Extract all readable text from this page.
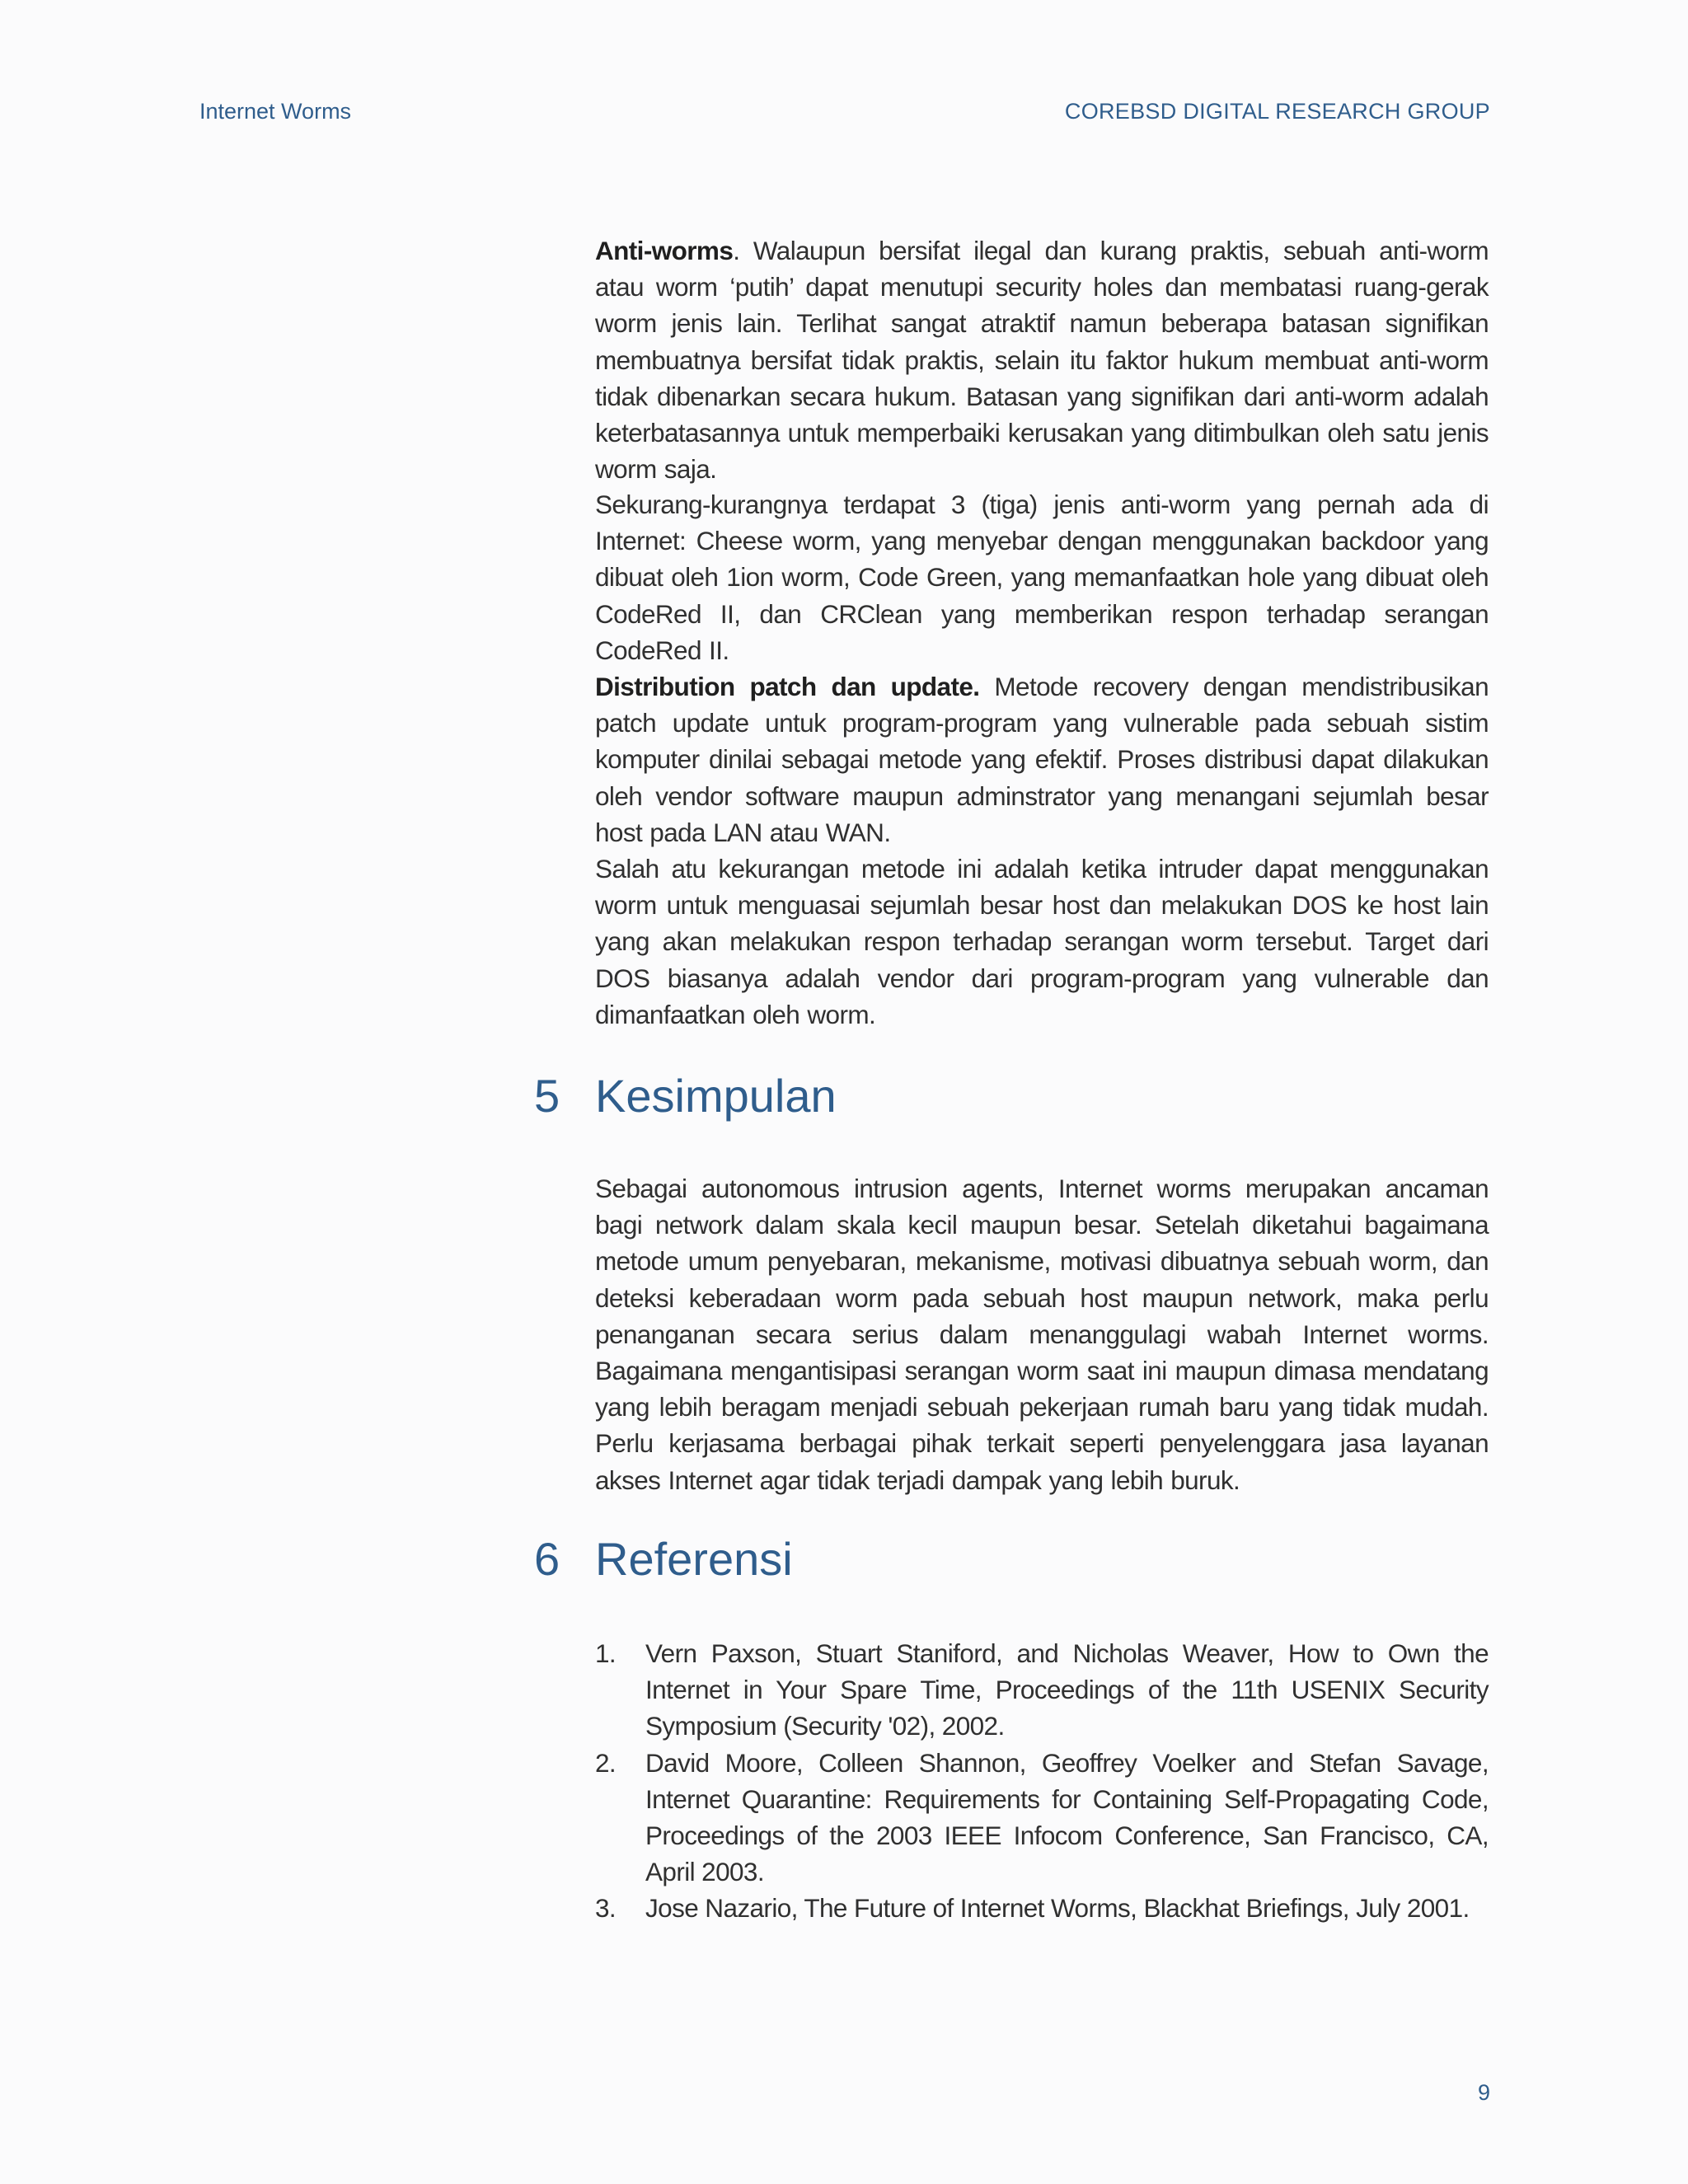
Internet Worms	COREBSD DIGITAL RESEARCH GROUP

Anti-worms. Walaupun bersifat ilegal dan kurang praktis, sebuah anti-worm atau worm ‘putih’ dapat menutupi security holes dan membatasi ruang-gerak worm jenis lain. Terlihat sangat atraktif namun beberapa batasan signifikan membuatnya bersifat tidak praktis, selain itu faktor hukum membuat anti-worm tidak dibenarkan secara hukum. Batasan yang signifikan dari anti-worm adalah keterbatasannya untuk memperbaiki kerusakan yang ditimbulkan oleh satu jenis worm saja.

Sekurang-kurangnya terdapat 3 (tiga) jenis anti-worm yang pernah ada di Internet: Cheese worm, yang menyebar dengan menggunakan backdoor yang dibuat oleh 1ion worm, Code Green, yang memanfaatkan hole yang dibuat oleh CodeRed II, dan CRClean yang memberikan respon terhadap serangan CodeRed II.

Distribution patch dan update. Metode recovery dengan mendistribusikan patch update untuk program-program yang vulnerable pada sebuah sistim komputer dinilai sebagai metode yang efektif. Proses distribusi dapat dilakukan oleh vendor software maupun adminstrator yang menangani sejumlah besar host pada LAN atau WAN.

Salah atu kekurangan metode ini adalah ketika intruder dapat menggunakan worm untuk menguasai sejumlah besar host dan melakukan DOS ke host lain yang akan melakukan respon terhadap serangan worm tersebut. Target dari DOS biasanya adalah vendor dari program-program yang vulnerable dan dimanfaatkan oleh worm.

5 Kesimpulan

Sebagai autonomous intrusion agents, Internet worms merupakan ancaman bagi network dalam skala kecil maupun besar. Setelah diketahui bagaimana metode umum penyebaran, mekanisme, motivasi dibuatnya sebuah worm, dan deteksi keberadaan worm pada sebuah host maupun network, maka perlu penanganan secara serius dalam menanggulagi wabah Internet worms. Bagaimana mengantisipasi serangan worm saat ini maupun dimasa mendatang yang lebih beragam menjadi sebuah pekerjaan rumah baru yang tidak mudah. Perlu kerjasama berbagai pihak terkait seperti penyelenggara jasa layanan akses Internet agar tidak terjadi dampak yang lebih buruk.

6 Referensi
1. Vern Paxson, Stuart Staniford, and Nicholas Weaver, How to Own the Internet in Your Spare Time, Proceedings of the 11th USENIX Security Symposium (Security '02), 2002.
2. David Moore, Colleen Shannon, Geoffrey Voelker and Stefan Savage, Internet Quarantine: Requirements for Containing Self-Propagating Code, Proceedings of the 2003 IEEE Infocom Conference, San Francisco, CA, April 2003.
3. Jose Nazario, The Future of Internet Worms, Blackhat Briefings, July 2001.
9
